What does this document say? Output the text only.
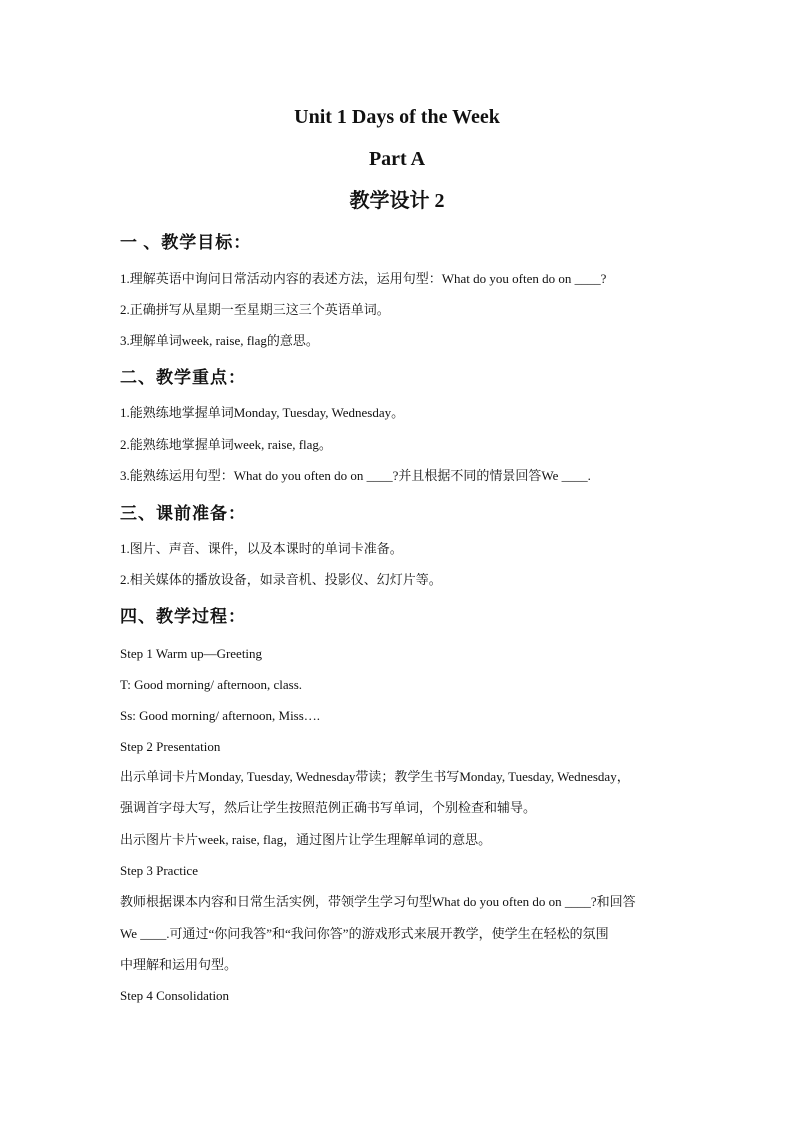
Unit 1 Days of the Week
Part A
教学设计 2
一 、教学目标：
1.理解英语中询问日常活动内容的表述方法，运用句型：What do you often do on ____?
2.正确拼写从星期一至星期三这三个英语单词。
3.理解单词week, raise, flag的意思。
二、教学重点：
1.能熟练地掌握单词Monday, Tuesday, Wednesday。
2.能熟练地掌握单词week, raise, flag。
3.能熟练运用句型：What do you often do on ____?并且根据不同的情景回答We ____.
三、课前准备：
1.图片、声音、课件，以及本课时的单词卡准备。
2.相关媒体的播放设备，如录音机、投影仪、幻灯片等。
四、教学过程：
Step 1 Warm up—Greeting
T: Good morning/ afternoon, class.
Ss: Good morning/ afternoon, Miss….
Step 2 Presentation
出示单词卡片Monday, Tuesday, Wednesday带读；教学生书写Monday, Tuesday, Wednesday，
强调首字母大写，然后让学生按照范例正确书写单词，个别检查和辅导。
出示图片卡片week, raise, flag，通过图片让学生理解单词的意思。
Step 3 Practice
教师根据课本内容和日常生活实例，带领学生学习句型What do you often do on ____?和回答
We ____.可通过“你问我答”和“我问你答”的游戏形式来展开教学，使学生在轻松的氛围
中理解和运用句型。
Step 4 Consolidation
